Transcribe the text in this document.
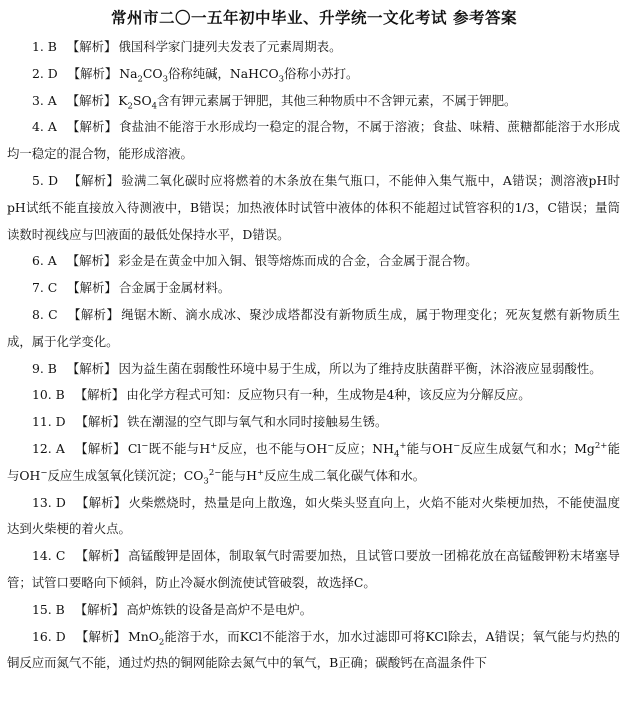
常州市二〇一五年初中毕业、升学统一文化考试 参考答案

1. B 【解析】 俄国科学家门捷列夫发表了元素周期表。

2. D 【解析】 $Na_2CO_3$俗称纯碱，NaHCO$_3$俗称小苏打。

3. A 【解析】 $K_2SO_4$含有钾元素属于钾肥，其他三种物质中不含钾元素，不属于钾肥。

4. A 【解析】 食盐油不能溶于水形成均一稳定的混合物，不属于溶液；食盐、味精、蔗糖都能溶于水形成均一稳定的混合物，能形成溶液。

5. D 【解析】 验满二氧化碳时应将燃着的木条放在集气瓶口，不能伸入集气瓶中，A错误；测溶液pH时pH试纸不能直接放入待测液中，B错误；加热液体时试管中液体的体积不能超过试管容积的1/3，C错误；量筒读数时视线应与凹液面的最低处保持水平，D错误。

6. A 【解析】 彩金是在黄金中加入铜、银等熔炼而成的合金，合金属于混合物。

7. C 【解析】 合金属于金属材料。

8. C 【解析】 绳锯木断、滴水成冰、聚沙成塔都没有新物质生成，属于物理变化；死灰复燃有新物质生成，属于化学变化。

9. B 【解析】 因为益生菌在弱酸性环境中易于生成，所以为了维持皮肤菌群平衡，沐浴液应显弱酸性。

10. B 【解析】 由化学方程式可知：反应物只有一种，生成物是4种，该反应为分解反应。

11. D 【解析】 铁在潮湿的空气即与氧气和水同时接触易生锈。

12. A 【解析】 Cl−既不能与H+反应，也不能与OH−反应；$NH_4^+$能与OH−反应生成氨气和水；$Mg^{2+}$能与OH−反应生成氢氧化镁沉淀；$CO_3^{2-}$能与H+反应生成二氧化碳气体和水。

13. D 【解析】 火柴燃烧时，热量是向上散逸，如火柴头竖直向上，火焰不能对火柴梗加热，不能使温度达到火柴梗的着火点。

14. C 【解析】 高锰酸钾是固体，制取氧气时需要加热，且试管口要放一团棉花放在高锰酸钾粉末堵塞导管；试管口要略向下倾斜，防止冷凝水倒流使试管破裂，故选择C。

15. B 【解析】 高炉炼铁的设备是高炉不是电炉。

16. D 【解析】 MnO$_2$能溶于水，而KCl不能溶于水，加水过滤即可将KCl除去，A错误；氧气能与灼热的铜反应而氮气不能，通过灼热的铜网能除去氮气中的氧气，B正确；碳酸钙在高温条件下
